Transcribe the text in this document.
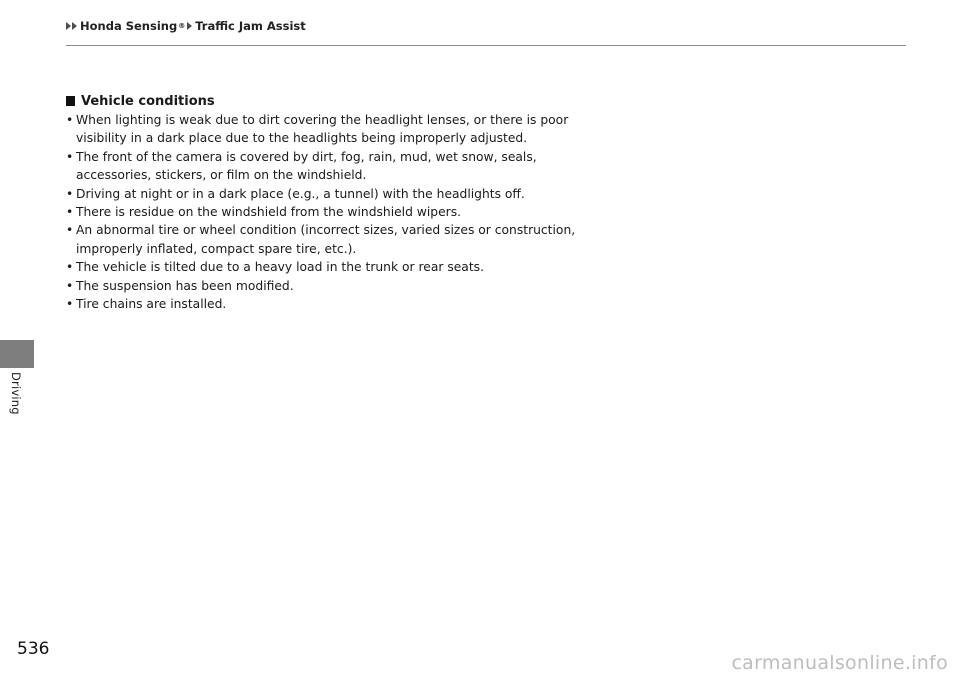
Honda Sensing ® Traffic Jam Assist
Driving
Vehicle conditions
• When lighting is weak due to dirt covering the headlight lenses, or there is poor visibility in a dark place due to the headlights being improperly adjusted.
• The front of the camera is covered by dirt, fog, rain, mud, wet snow, seals, accessories, stickers, or film on the windshield.
• Driving at night or in a dark place (e.g., a tunnel) with the headlights off.
• There is residue on the windshield from the windshield wipers.
• An abnormal tire or wheel condition (incorrect sizes, varied sizes or construction, improperly inflated, compact spare tire, etc.).
• The vehicle is tilted due to a heavy load in the trunk or rear seats.
• The suspension has been modified.
• Tire chains are installed.
536
carmanualsonline.info
